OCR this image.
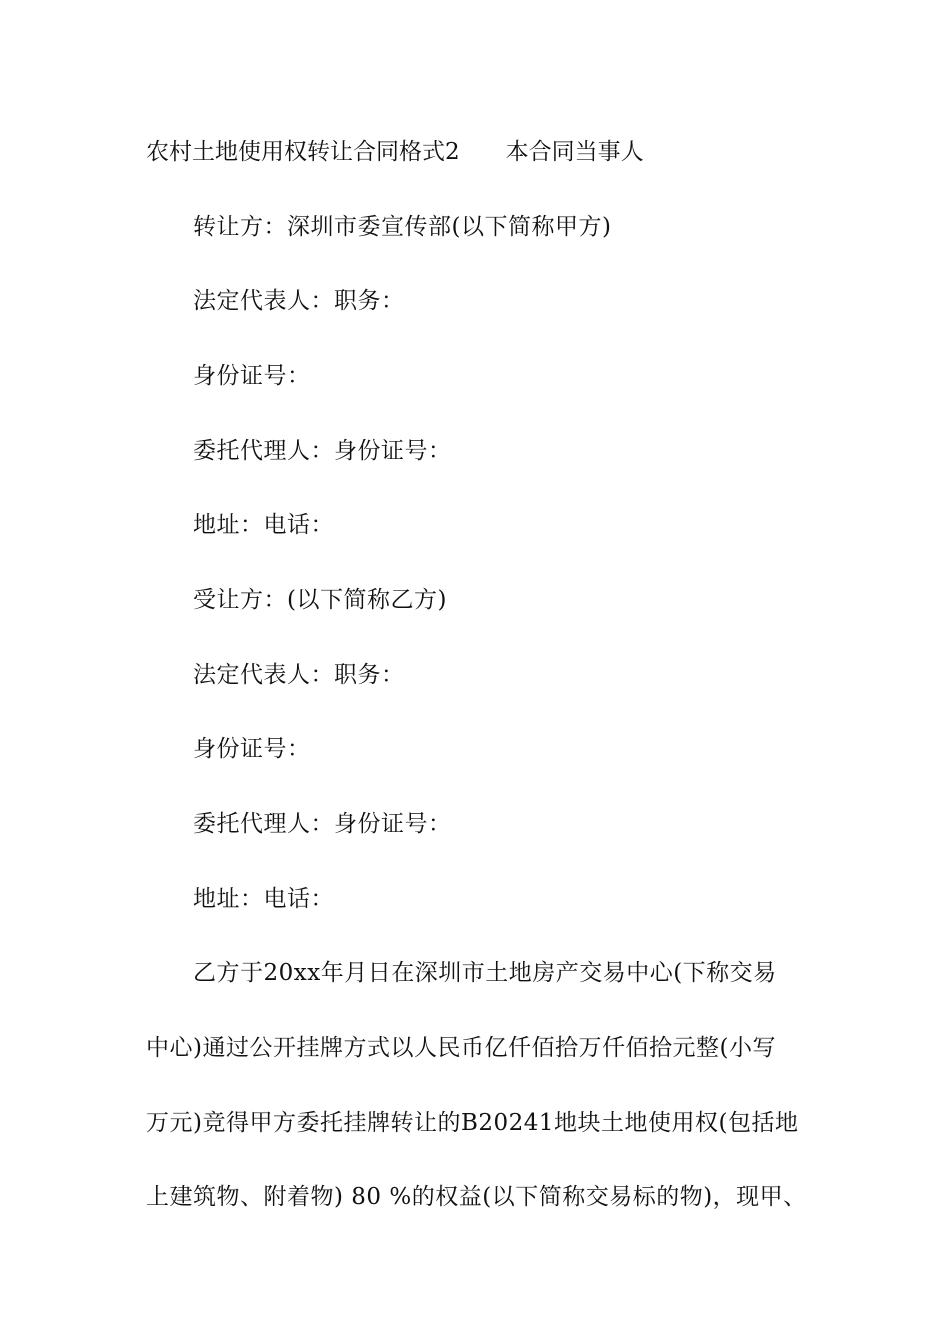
农村土地使用权转让合同格式2 本合同当事人
转让方：深圳市委宣传部(以下简称甲方)
法定代表人：职务：
身份证号：
委托代理人：身份证号：
地址：电话：
受让方：(以下简称乙方)
法定代表人：职务：
身份证号：
委托代理人：身份证号：
地址：电话：
乙方于20xx年月日在深圳市土地房产交易中心(下称交易
中心)通过公开挂牌方式以人民币亿仟佰拾万仟佰拾元整(小写
万元)竞得甲方委托挂牌转让的B20241地块土地使用权(包括地
上建筑物、附着物) 80 %的权益(以下简称交易标的物)，现甲、
